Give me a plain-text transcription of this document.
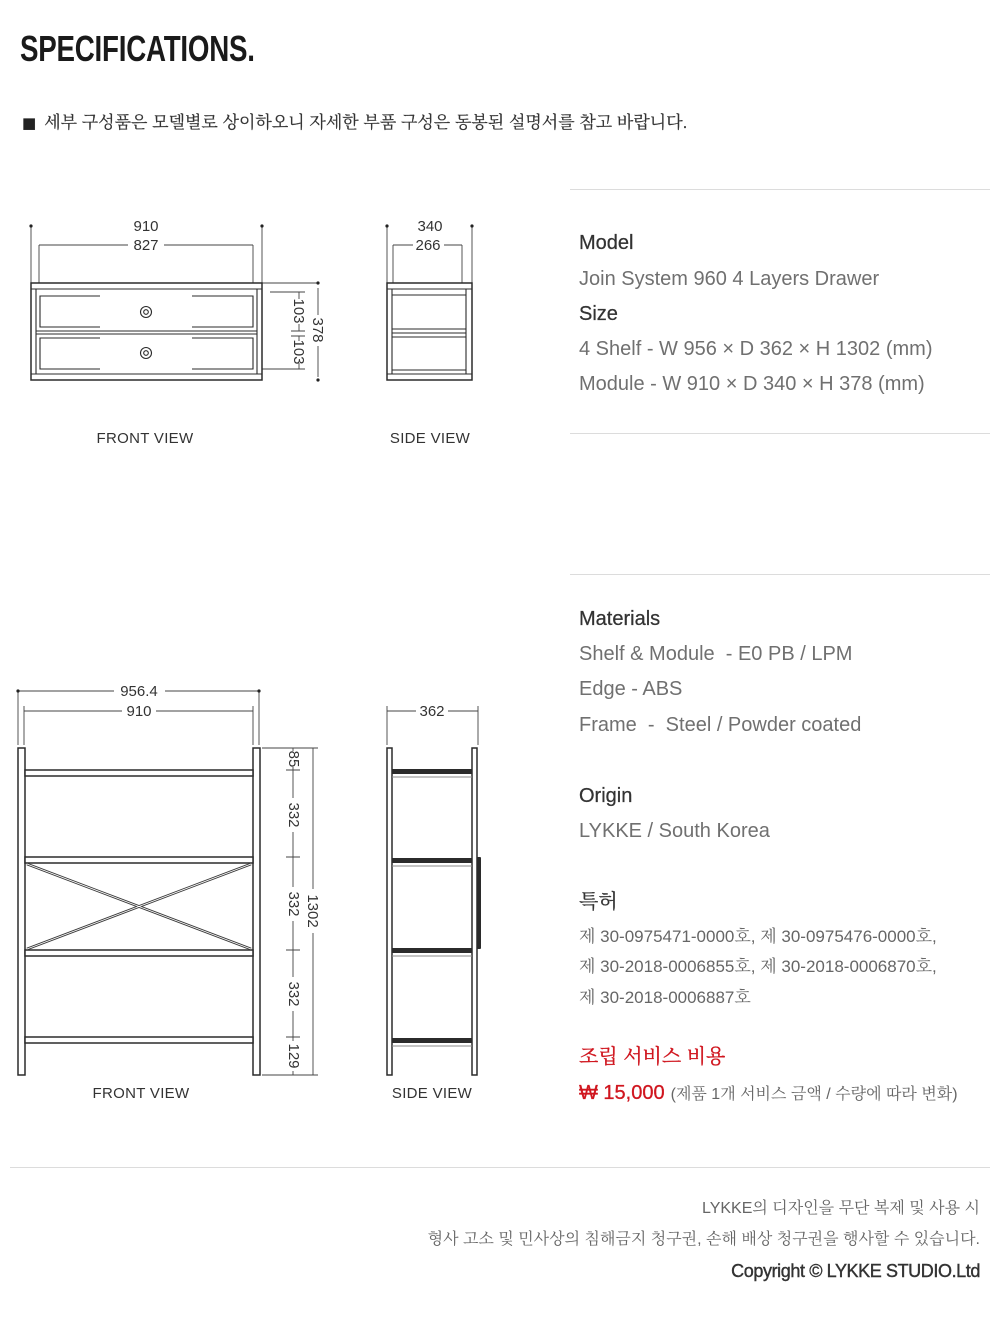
SPECIFICATIONS.
■ 세부 구성품은 모델별로 상이하오니 자세한 부품 구성은 동봉된 설명서를 참고 바랍니다.
910
827
103
103
378
FRONT VIEW
340
266
SIDE VIEW
956.4
910
85
332
332
332
129
1302
FRONT VIEW
362
SIDE VIEW
Model
Join System 960 4 Layers Drawer
Size
4 Shelf - W 956 × D 362 × H 1302 (mm)
Module - W 910 × D 340 × H 378 (mm)
Materials
Shelf & Module  - E0 PB / LPM
Edge - ABS
Frame  -  Steel / Powder coated
Origin
LYKKE / South Korea
특허
제 30-0975471-0000호, 제 30-0975476-0000호,
제 30-2018-0006855호, 제 30-2018-0006870호,
제 30-2018-0006887호
조립 서비스 비용
₩ 15,000 (제품 1개 서비스 금액 / 수량에 따라 변화)
LYKKE의 디자인을 무단 복제 및 사용 시
형사 고소 및 민사상의 침해금지 청구권, 손해 배상 청구권을 행사할 수 있습니다.
Copyright © LYKKE STUDIO.Ltd
